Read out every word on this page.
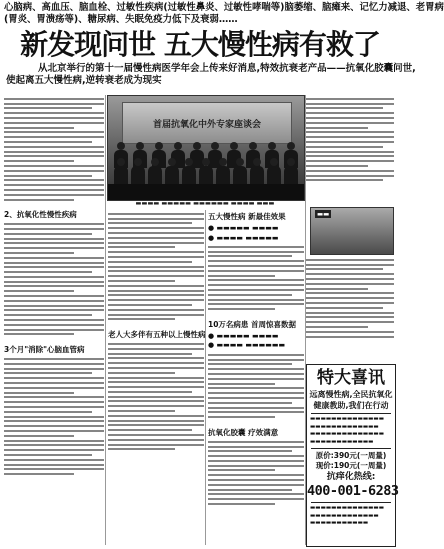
心脑病、高血压、脑血栓、过敏性疾病(过敏性鼻炎、过敏性哮喘等)脑萎缩、脑瘫来、记忆力减退、老胃病
(胃炎、胃溃疡等)、糖尿病、失眠免疫力低下及衰弱……
新发现问世 五大慢性病有救了
从北京举行的第十一届慢性病医学年会上传来好消息,特效抗衰老产品——抗氧化胶囊问世,
使起离五大慢性病,逆转衰老成为现实
2、抗氧化性慢性疾病
3个月"消除"心脑血管病
首届抗氧化中外专家座谈会
▬▬▬▬ ▬▬▬▬▬ ▬▬▬▬▬▬ ▬▬▬▬ ▬▬▬
老人大多伴有五种以上慢性病
五大慢性病 新最佳效果
● ▬▬▬▬▬ ▬▬▬▬
● ▬▬▬▬ ▬▬▬▬▬
10万名病患 首周惊喜数据
● ▬▬▬▬▬ ▬▬▬▬
● ▬▬▬▬ ▬▬▬▬▬▬
抗氧化胶囊 疗效满意
▬▬
特大喜讯
远离慢性病,全民抗氧化
健康教助,我们在行动
▬▬▬▬▬▬▬▬▬▬▬▬▬▬
▬▬▬▬▬▬▬▬▬▬▬▬▬
▬▬▬▬▬▬▬▬▬▬▬▬▬▬
▬▬▬▬▬▬▬▬▬▬▬▬
原价:390元(一周量)
现价:190元(一周量)
抗痒化热线:
400-001-6283
▬▬▬▬▬▬▬▬▬▬▬▬▬▬
▬▬▬▬▬▬▬▬▬▬▬▬▬
▬▬▬▬▬▬▬▬▬▬▬
